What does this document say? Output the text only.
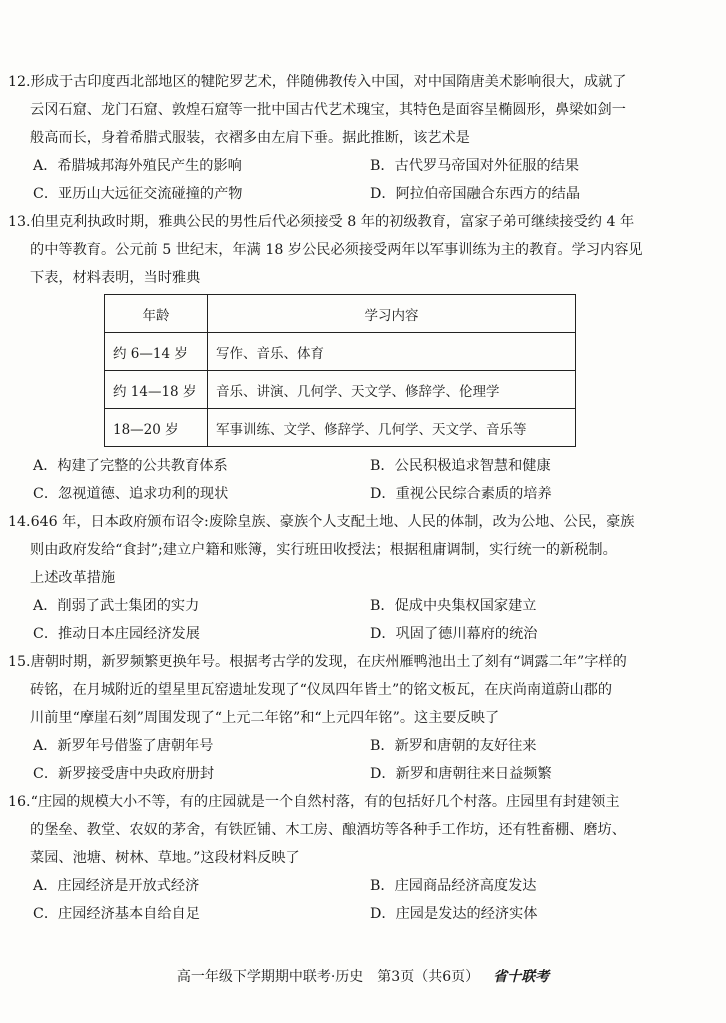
12.形成于古印度西北部地区的犍陀罗艺术，伴随佛教传入中国，对中国隋唐美术影响很大，成就了
云冈石窟、龙门石窟、敦煌石窟等一批中国古代艺术瑰宝，其特色是面容呈椭圆形，鼻梁如剑一
般高而长，身着希腊式服装，衣褶多由左肩下垂。据此推断，该艺术是
A．希腊城邦海外殖民产生的影响	B．古代罗马帝国对外征服的结果
C．亚历山大远征交流碰撞的产物	D．阿拉伯帝国融合东西方的结晶
13.伯里克利执政时期，雅典公民的男性后代必须接受 8 年的初级教育，富家子弟可继续接受约 4 年
的中等教育。公元前 5 世纪末，年满 18 岁公民必须接受两年以军事训练为主的教育。学习内容见
下表，材料表明，当时雅典
年龄	学习内容
约 6—14 岁	写作、音乐、体育
约 14—18 岁	音乐、讲演、几何学、天文学、修辞学、伦理学
18—20 岁	军事训练、文学、修辞学、几何学、天文学、音乐等
A．构建了完整的公共教育体系	B．公民积极追求智慧和健康
C．忽视道德、追求功利的现状	D．重视公民综合素质的培养
14.646 年，日本政府颁布诏令:废除皇族、豪族个人支配土地、人民的体制，改为公地、公民，豪族
则由政府发给“食封”;建立户籍和账簿，实行班田收授法；根据租庸调制，实行统一的新税制。
上述改革措施
A．削弱了武士集团的实力	B．促成中央集权国家建立
C．推动日本庄园经济发展	D．巩固了德川幕府的统治
15.唐朝时期，新罗频繁更换年号。根据考古学的发现，在庆州雁鸭池出土了刻有“调露二年”字样的
砖铭，在月城附近的望星里瓦窑遗址发现了“仪凤四年皆土”的铭文板瓦，在庆尚南道蔚山郡的
川前里“摩崖石刻”周围发现了“上元二年铭”和“上元四年铭”。这主要反映了
A．新罗年号借鉴了唐朝年号	B．新罗和唐朝的友好往来
C．新罗接受唐中央政府册封	D．新罗和唐朝往来日益频繁
16.“庄园的规模大小不等，有的庄园就是一个自然村落，有的包括好几个村落。庄园里有封建领主
的堡垒、教堂、农奴的茅舍，有铁匠铺、木工房、酿酒坊等各种手工作坊，还有牲畜棚、磨坊、
菜园、池塘、树林、草地。”这段材料反映了
A．庄园经济是开放式经济	B．庄园商品经济高度发达
C．庄园经济基本自给自足	D．庄园是发达的经济实体
高一年级下学期期中联考·历史　第3页（共6页） 省十联考
